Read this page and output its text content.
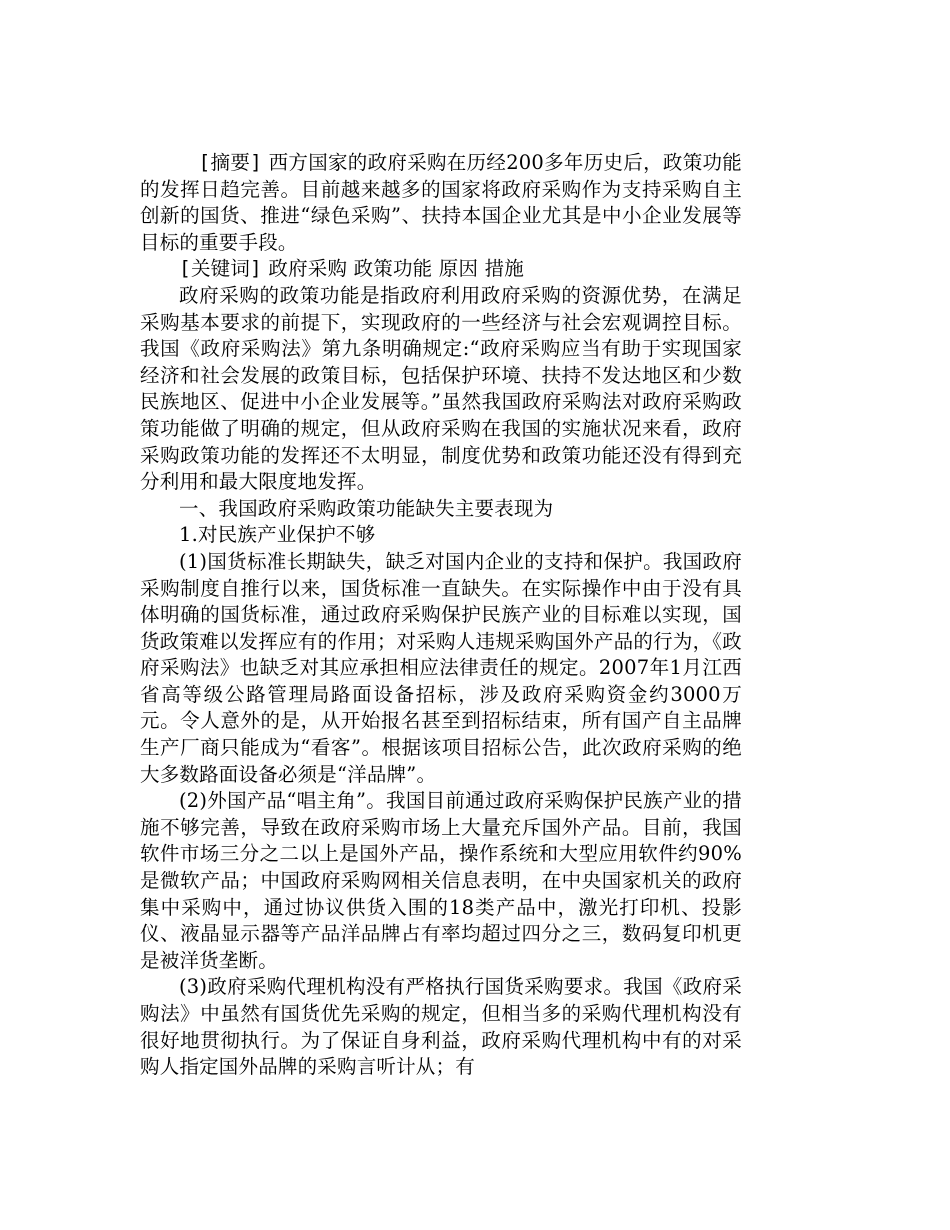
[摘要] 西方国家的政府采购在历经200多年历史后，政策功能的发挥日趋完善。目前越来越多的国家将政府采购作为支持采购自主创新的国货、推进“绿色采购”、扶持本国企业尤其是中小企业发展等目标的重要手段。

[关键词] 政府采购 政策功能 原因 措施

政府采购的政策功能是指政府利用政府采购的资源优势，在满足采购基本要求的前提下，实现政府的一些经济与社会宏观调控目标。我国《政府采购法》第九条明确规定:“政府采购应当有助于实现国家经济和社会发展的政策目标，包括保护环境、扶持不发达地区和少数民族地区、促进中小企业发展等。”虽然我国政府采购法对政府采购政策功能做了明确的规定，但从政府采购在我国的实施状况来看，政府采购政策功能的发挥还不太明显，制度优势和政策功能还没有得到充分利用和最大限度地发挥。

一、我国政府采购政策功能缺失主要表现为

1.对民族产业保护不够

(1)国货标准长期缺失，缺乏对国内企业的支持和保护。我国政府采购制度自推行以来，国货标准一直缺失。在实际操作中由于没有具体明确的国货标准，通过政府采购保护民族产业的目标难以实现，国货政策难以发挥应有的作用；对采购人违规采购国外产品的行为，《政府采购法》也缺乏对其应承担相应法律责任的规定。2007年1月江西省高等级公路管理局路面设备招标，涉及政府采购资金约3000万元。令人意外的是，从开始报名甚至到招标结束，所有国产自主品牌生产厂商只能成为“看客”。根据该项目招标公告，此次政府采购的绝大多数路面设备必须是“洋品牌”。

(2)外国产品“唱主角”。我国目前通过政府采购保护民族产业的措施不够完善，导致在政府采购市场上大量充斥国外产品。目前，我国软件市场三分之二以上是国外产品，操作系统和大型应用软件约90%是微软产品；中国政府采购网相关信息表明，在中央国家机关的政府集中采购中，通过协议供货入围的18类产品中，激光打印机、投影仪、液晶显示器等产品洋品牌占有率均超过四分之三，数码复印机更是被洋货垄断。

(3)政府采购代理机构没有严格执行国货采购要求。我国《政府采购法》中虽然有国货优先采购的规定，但相当多的采购代理机构没有很好地贯彻执行。为了保证自身利益，政府采购代理机构中有的对采购人指定国外品牌的采购言听计从；有
